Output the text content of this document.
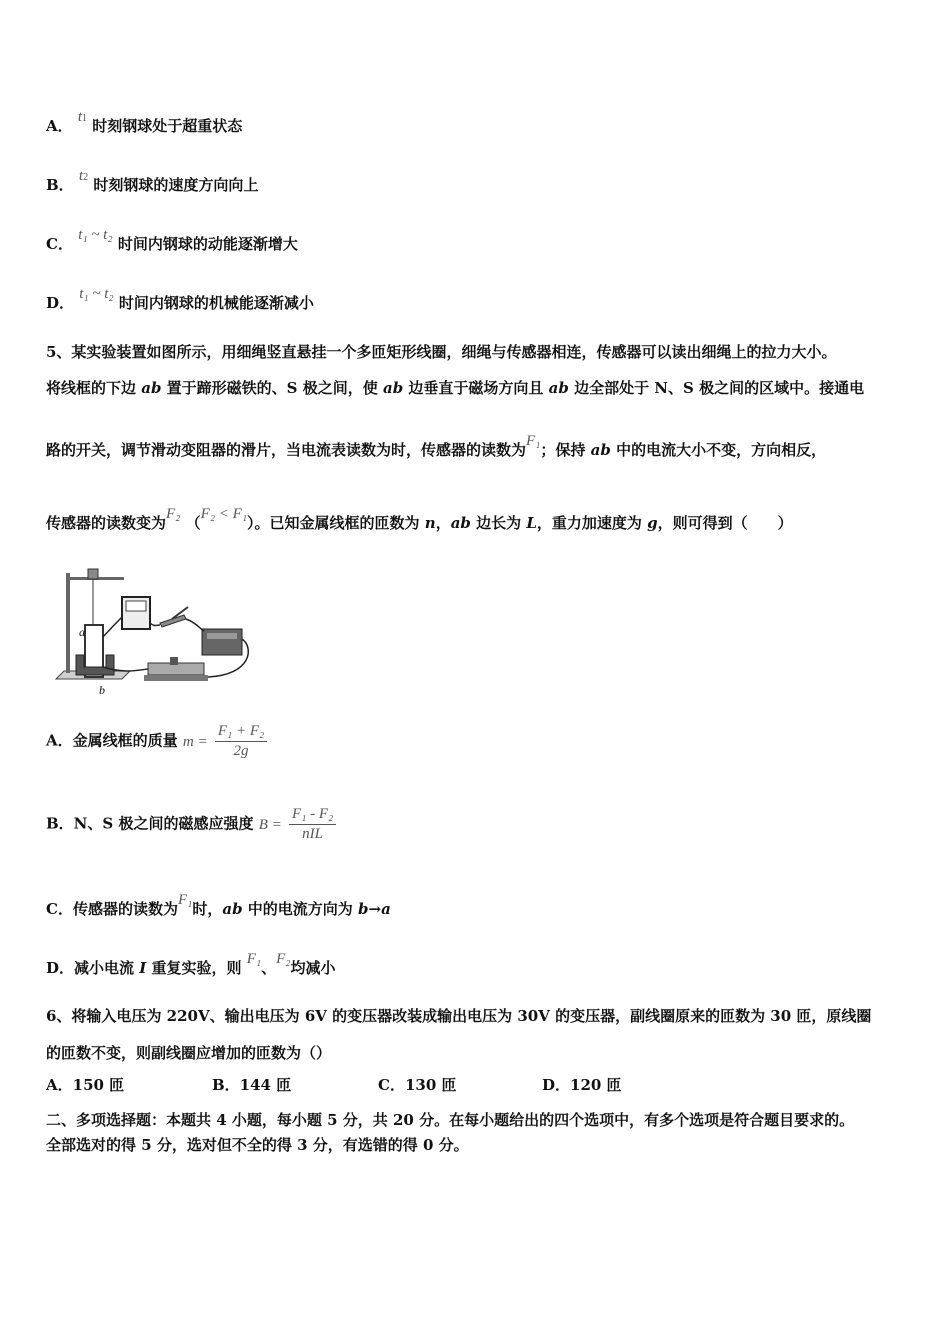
A． t1 时刻钢球处于超重状态
B． t2 时刻钢球的速度方向向上
C． t₁ ~ t₂ 时间内钢球的动能逐渐增大
D． t₁ ~ t₂ 时间内钢球的机械能逐渐减小
5、某实验装置如图所示，用细绳竖直悬挂一个多匝矩形线圈，细绳与传感器相连，传感器可以读出细绳上的拉力大小。
将线框的下边 ab 置于蹄形磁铁的、S 极之间，使 ab 边垂直于磁场方向且 ab 边全部处于 N、S 极之间的区域中。接通电
路的开关，调节滑动变阻器的滑片，当电流表读数为时，传感器的读数为F₁；保持 ab 中的电流大小不变，方向相反，
传感器的读数变为F₂ （F₂ < F₁）。已知金属线框的匝数为 n，ab 边长为 L，重力加速度为 g，则可得到（　　）
a
b
A．金属线框的质量 $m = \frac{\text{F₁ + F₂}}{2g}$
B．N、S 极之间的磁感应强度 $B = \frac{\text{F₁ - F₂}}{\text{nIL}}$
C．传感器的读数为F₁时，ab 中的电流方向为 b→a
D．减小电流 I 重复实验，则 F₁、F₂均减小
6、将输入电压为 220V、输出电压为 6V 的变压器改装成输出电压为 30V 的变压器，副线圈原来的匝数为 30 匝，原线圈
的匝数不变，则副线圈应增加的匝数为（）
A．150 匝	B．144 匝	C．130 匝	D．120 匝
二、多项选择题：本题共 4 小题，每小题 5 分，共 20 分。在每小题给出的四个选项中，有多个选项是符合题目要求的。
全部选对的得 5 分，选对但不全的得 3 分，有选错的得 0 分。
